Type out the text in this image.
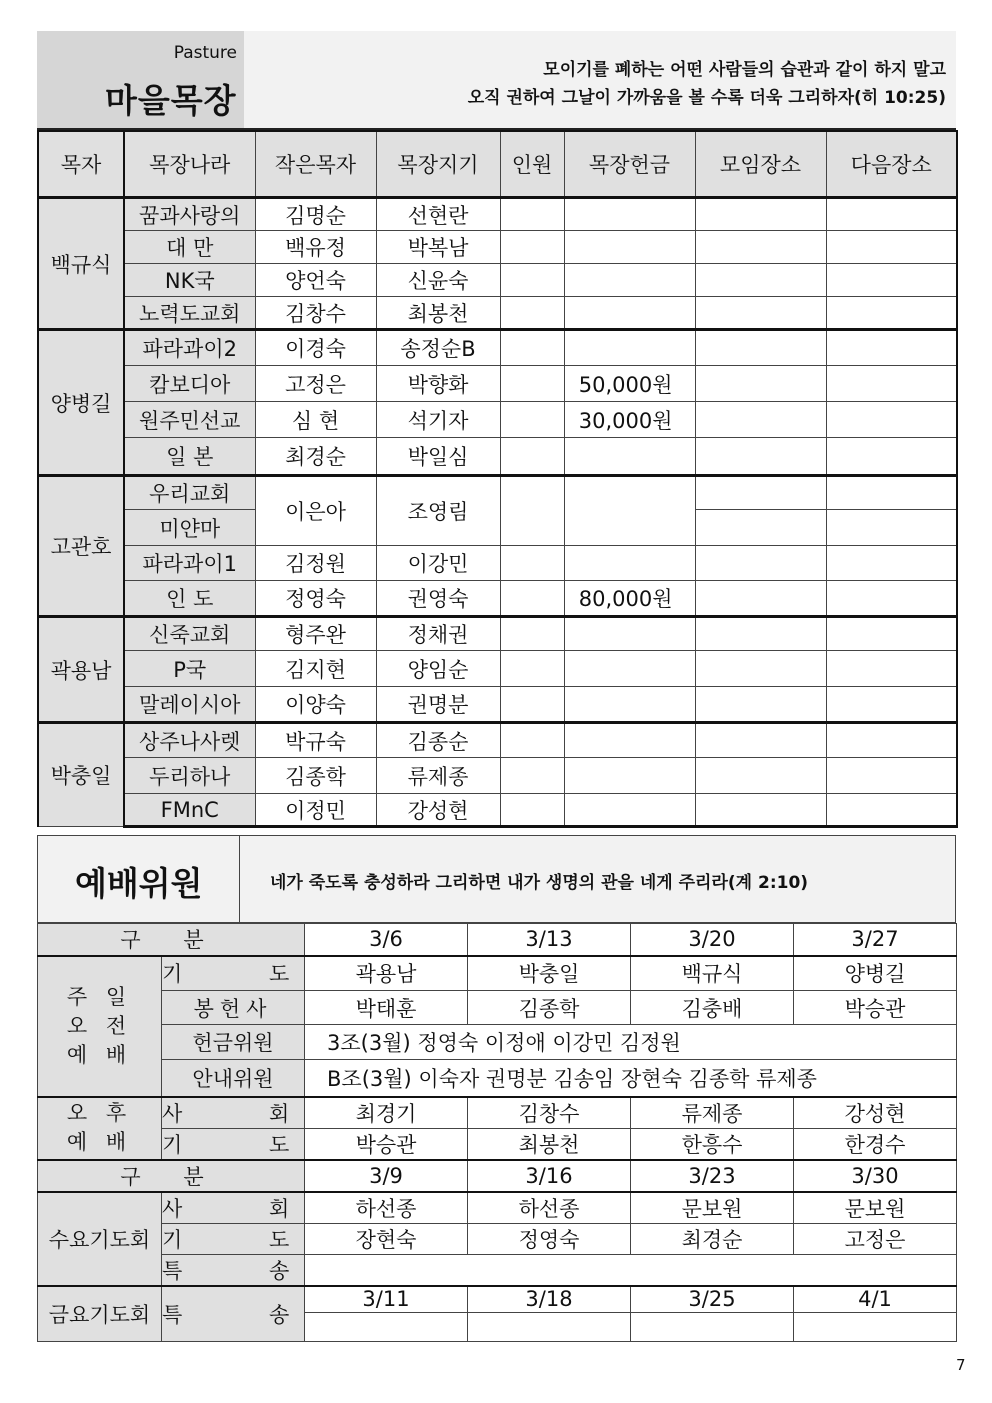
Pasture
마을목장
모이기를 폐하는 어떤 사람들의 습관과 같이 하지 말고
오직 권하여 그날이 가까움을 볼 수록 더욱 그리하자(히 10:25)
목자	목장나라	작은목자	목장지기	인원	목장헌금	모임장소	다음장소
백규식	꿈과사랑의	김명순	선현란				
	대 만	백유정	박복남				
	NK국	양언숙	신윤숙				
	노력도교회	김창수	최봉천				
양병길	파라과이2	이경숙	송정순B				
	캄보디아	고정은	박향화		50,000원		
	원주민선교	심 현	석기자		30,000원		
	일 본	최경순	박일심				
고관호	우리교회	이은아	조영림				
	미얀마						
	파라과이1	김정원	이강민				
	인 도	정영숙	권영숙		80,000원		
곽용남	신죽교회	형주완	정채권				
	P국	김지현	양임순				
	말레이시아	이양숙	권명분				
박충일	상주나사렛	박규숙	김종순				
	두리하나	김종학	류제종				
	FMnC	이정민	강성현				
예배위원	네가 죽도록 충성하라 그리하면 내가 생명의 관을 네게 주리라(계 2:10)
구 분		3/6	3/13	3/20	3/27
주 일
오 전
예 배	기 도	곽용남	박충일	백규식	양병길
	봉헌사	박태훈	김종학	김충배	박승관
	헌금위원	3조(3월) 정영숙 이정애 이강민 김정원			
	안내위원	B조(3월) 이숙자 권명분 김송임 장현숙 김종학 류제종			
오 후
예 배	사 회	최경기	김창수	류제종	강성현
	기 도	박승관	최봉천	한흥수	한경수
구 분		3/9	3/16	3/23	3/30
수요기도회	사 회	하선종	하선종	문보원	문보원
	기 도	장현숙	정영숙	최경순	고정은
	특 송				
금요기도회	특 송	3/11	3/18	3/25	4/1

7
